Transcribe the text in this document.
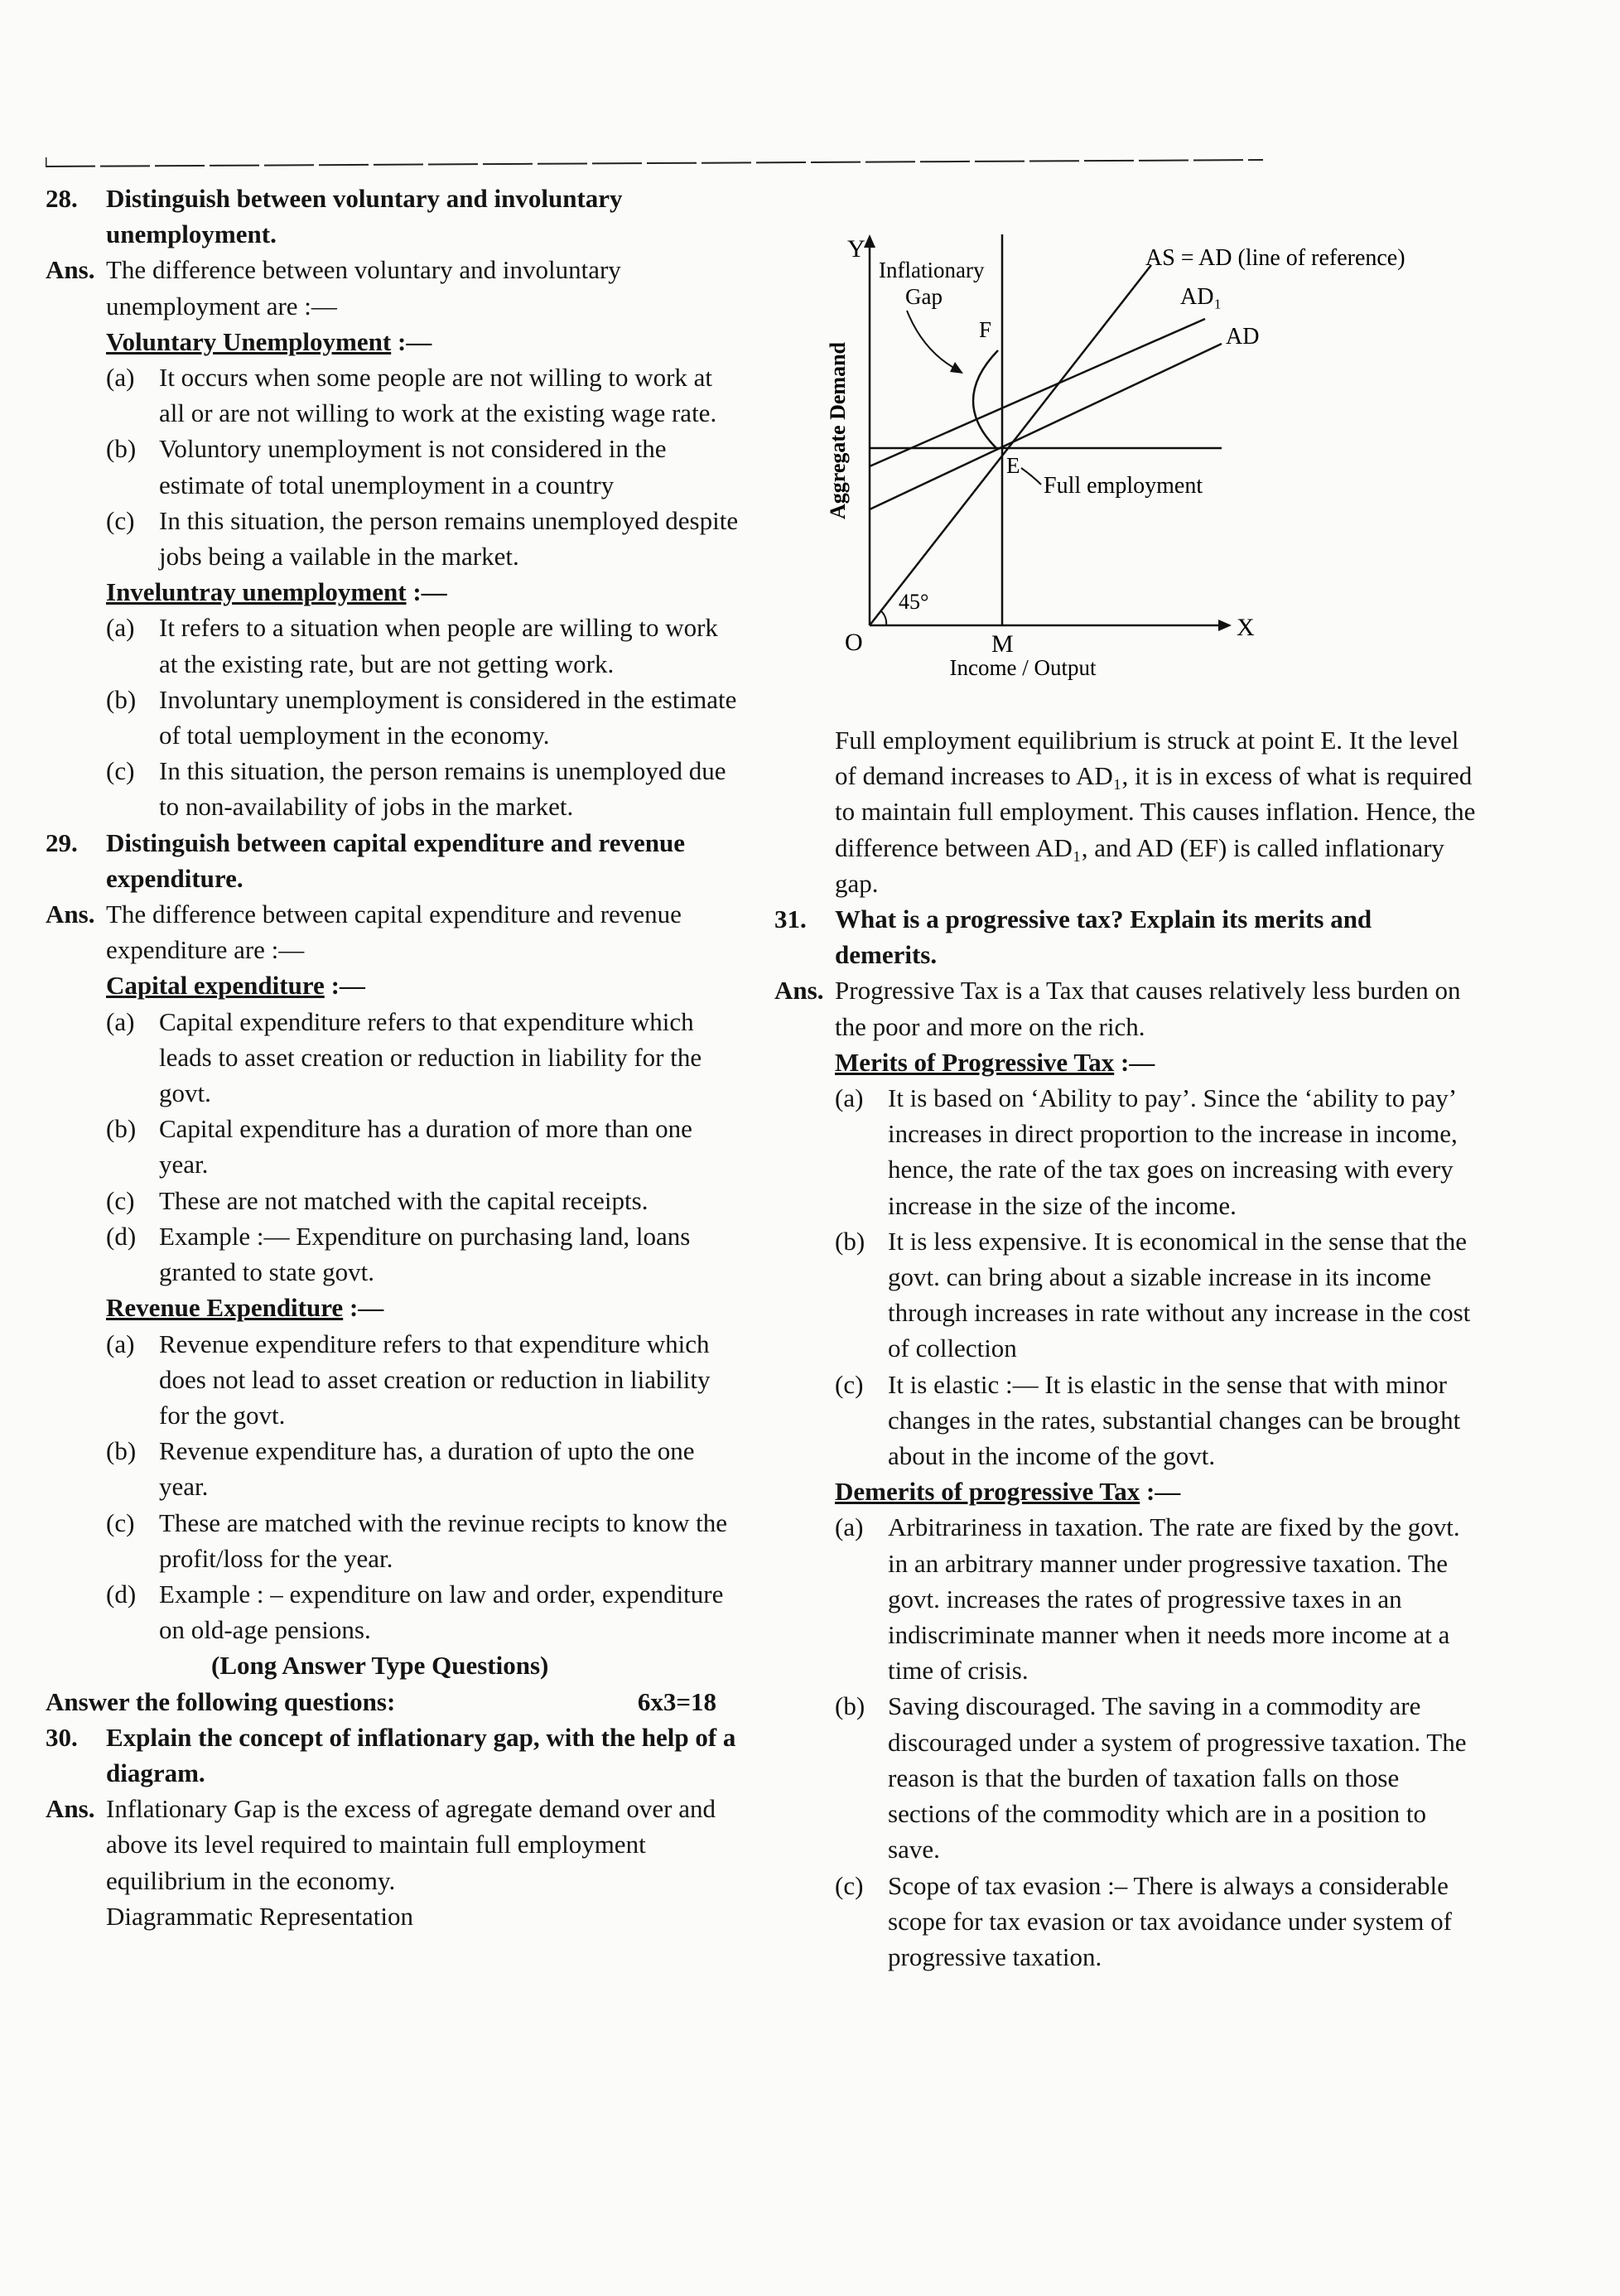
28.	Distinguish between voluntary and involuntary unemployment.
Ans. The difference between voluntary and involuntary unemployment are :—
Voluntary Unemployment :—
(a) It occurs when some people are not willing to work at all or are not willing to work at the existing wage rate.
(b) Voluntory unemployment is not considered in the estimate of total unemployment in a country
(c) In this situation, the person remains unemployed despite jobs being a vailable in the market.
Inveluntray unemployment :—
(a) It refers to a situation when people are willing to work at the existing rate, but are not getting work.
(b) Involuntary unemployment is considered in the estimate of total uemployment in the economy.
(c) In this situation, the person remains is unemployed due to non-availability of jobs in the market.
29.	Distinguish between capital expenditure and revenue expenditure.
Ans. The difference between capital expenditure and revenue expenditure are :—
Capital expenditure :—
(a) Capital expenditure refers to that expenditure which leads to asset creation or reduction in liability for the govt.
(b) Capital expenditure has a duration of more than one year.
(c) These are not matched with the capital receipts.
(d) Example :— Expenditure on purchasing land, loans granted to state govt.
Revenue Expenditure :—
(a) Revenue expenditure refers to that expenditure which does not lead to asset creation or reduction in liability for the govt.
(b) Revenue expenditure has, a duration of upto the one year.
(c) These are matched with the revinue recipts to know the profit/loss for the year.
(d) Example : – expenditure on law and order, expenditure on old-age pensions.
(Long Answer Type Questions)
Answer the following questions:	6x3=18
30.	Explain the concept of inflationary gap, with the help of a diagram.
Ans. Inflationary Gap is the excess of agregate demand over and above its level required to maintain full employment equilibrium in the economy.
Diagrammatic Representation
Y
X
O
Aggregate Demand
Income / Output
45°
Inflationary
Gap
F
E
M
AS = AD (line of reference)
AD₁
AD
Full employment
Full employment equilibrium is struck at point E. It the level of demand increases to AD₁, it is in excess of what is required to maintain full employment. This causes inflation. Hence, the difference between AD₁, and AD (EF) is called inflationary gap.
31.	What is a progressive tax? Explain its merits and demerits.
Ans. Progressive Tax is a Tax that causes relatively less burden on the poor and more on the rich.
Merits of Progressive Tax :—
(a) It is based on ‘Ability to pay’. Since the ‘ability to pay’ increases in direct proportion to the increase in income, hence, the rate of the tax goes on increasing with every increase in the size of the income.
(b) It is less expensive. It is economical in the sense that the govt. can bring about a sizable increase in its income through increases in rate without any increase in the cost of collection
(c) It is elastic :— It is elastic in the sense that with minor changes in the rates, substantial changes can be brought about in the income of the govt.
Demerits of progressive Tax :—
(a) Arbitrariness in taxation. The rate are fixed by the govt. in an arbitrary manner under progressive taxation. The govt. increases the rates of progressive taxes in an indiscriminate manner when it needs more income at a time of crisis.
(b) Saving discouraged. The saving in a commodity are discouraged under a system of progressive taxation. The reason is that the burden of taxation falls on those sections of the commodity which are in a position to save.
(c) Scope of tax evasion :– There is always a considerable scope for tax evasion or tax avoidance under system of progressive taxation.
